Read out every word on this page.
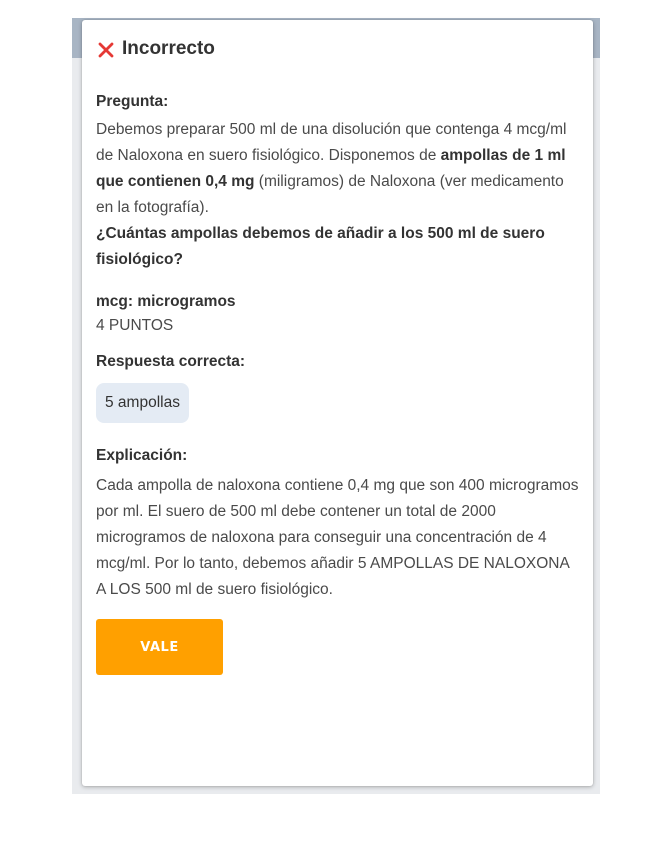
Incorrecto
Pregunta:
Debemos preparar 500 ml de una disolución que contenga 4 mcg/ml de Naloxona en suero fisiológico. Disponemos de ampollas de 1 ml que contienen 0,4 mg (miligramos) de Naloxona (ver medicamento en la fotografía).
¿Cuántas ampollas debemos de añadir a los 500 ml de suero fisiológico?
mcg: microgramos
4 PUNTOS
Respuesta correcta:
5 ampollas
Explicación:
Cada ampolla de naloxona contiene 0,4 mg que son 400 microgramos por ml. El suero de 500 ml debe contener un total de 2000 microgramos de naloxona para conseguir una concentración de 4 mcg/ml. Por lo tanto, debemos añadir 5 AMPOLLAS DE NALOXONA A LOS 500 ml de suero fisiológico.
VALE
